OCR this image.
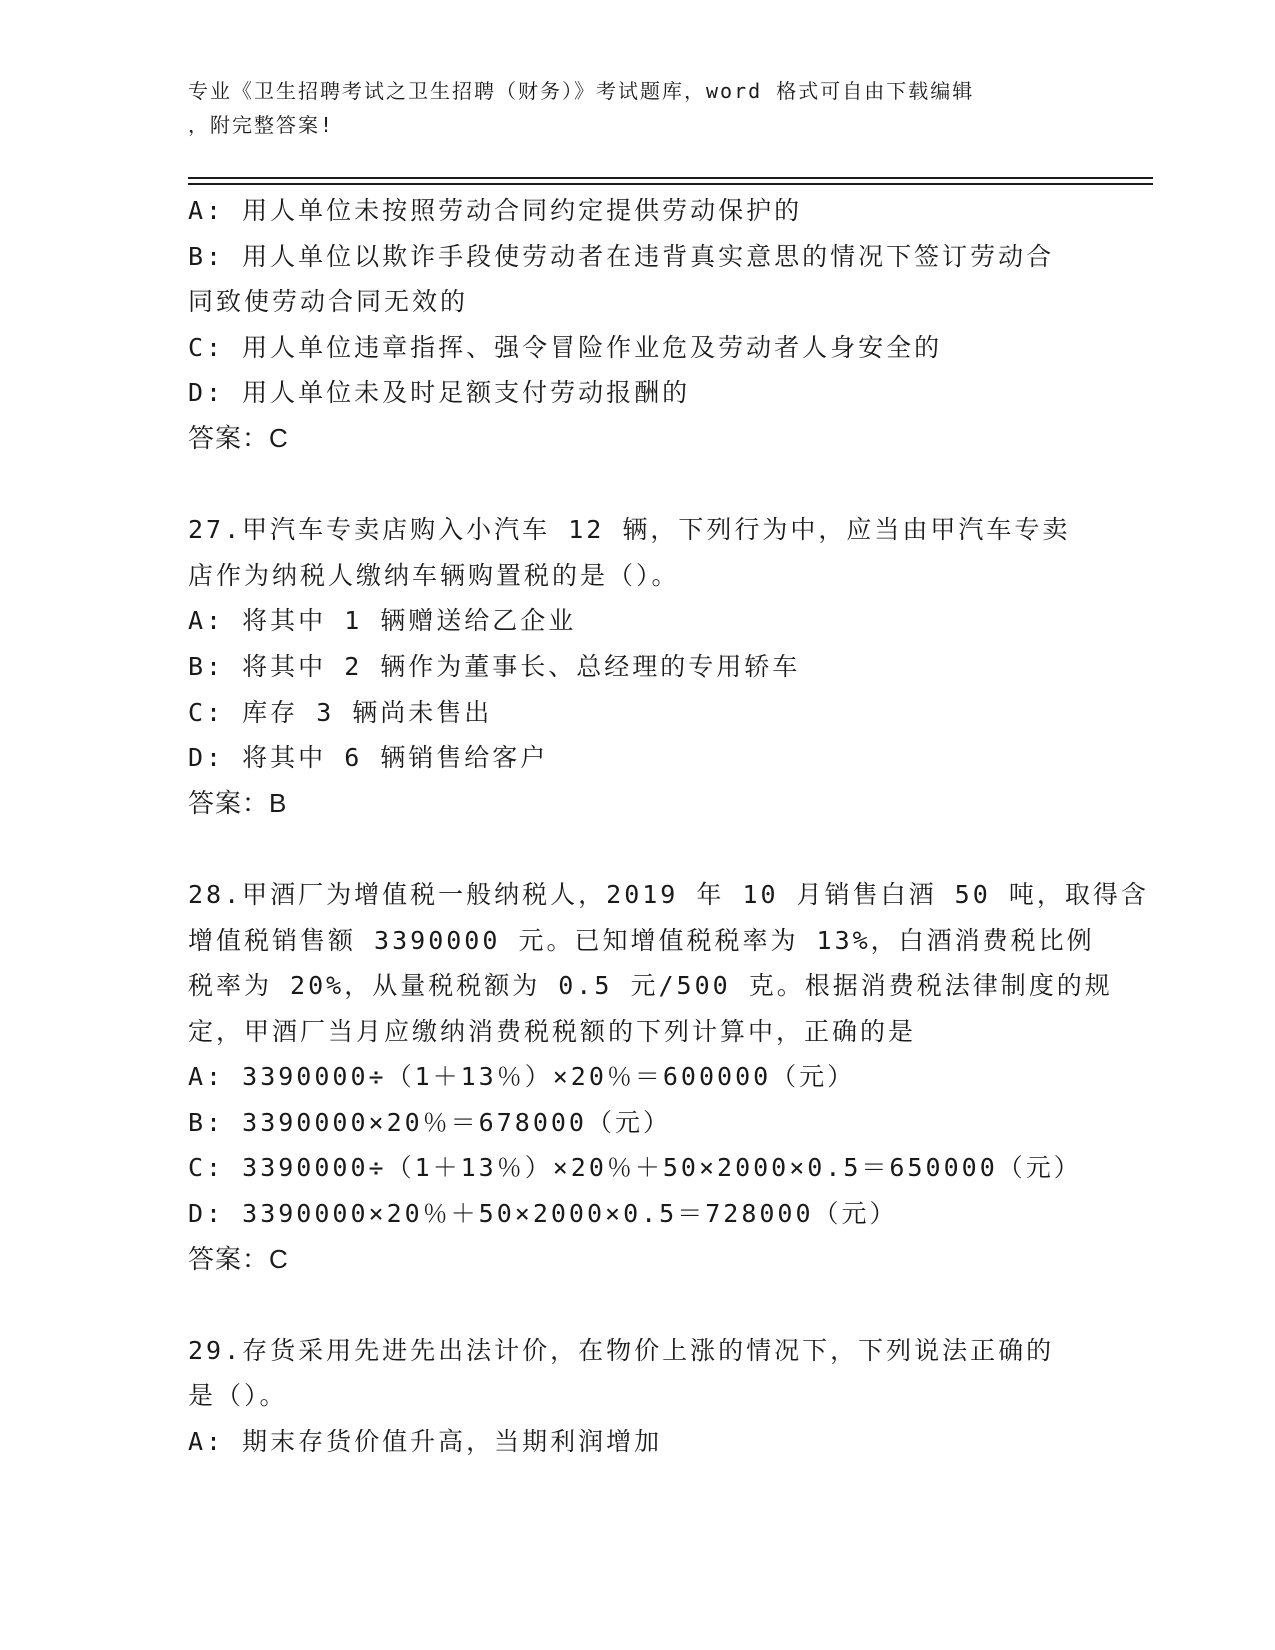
专业《卫生招聘考试之卫生招聘（财务）》考试题库，word 格式可自由下载编辑
，附完整答案!
A: 用人单位未按照劳动合同约定提供劳动保护的
B: 用人单位以欺诈手段使劳动者在违背真实意思的情况下签订劳动合
同致使劳动合同无效的
C: 用人单位违章指挥、强令冒险作业危及劳动者人身安全的
D: 用人单位未及时足额支付劳动报酬的
答案：C
27.甲汽车专卖店购入小汽车 12 辆，下列行为中，应当由甲汽车专卖
店作为纳税人缴纳车辆购置税的是（）。
A: 将其中 1 辆赠送给乙企业
B: 将其中 2 辆作为董事长、总经理的专用轿车
C: 库存 3 辆尚未售出
D: 将其中 6 辆销售给客户
答案：B
28.甲酒厂为增值税一般纳税人，2019 年 10 月销售白酒 50 吨，取得含
增值税销售额 3390000 元。已知增值税税率为 13%，白酒消费税比例
税率为 20%，从量税税额为 0.5 元/500 克。根据消费税法律制度的规
定，甲酒厂当月应缴纳消费税税额的下列计算中，正确的是
A: 3390000÷（1＋13％）×20％＝600000（元）
B: 3390000×20％＝678000（元）
C: 3390000÷（1＋13％）×20％＋50×2000×0.5＝650000（元）
D: 3390000×20％＋50×2000×0.5＝728000（元）
答案：C
29.存货采用先进先出法计价，在物价上涨的情况下，下列说法正确的
是（）。
A: 期末存货价值升高，当期利润增加
